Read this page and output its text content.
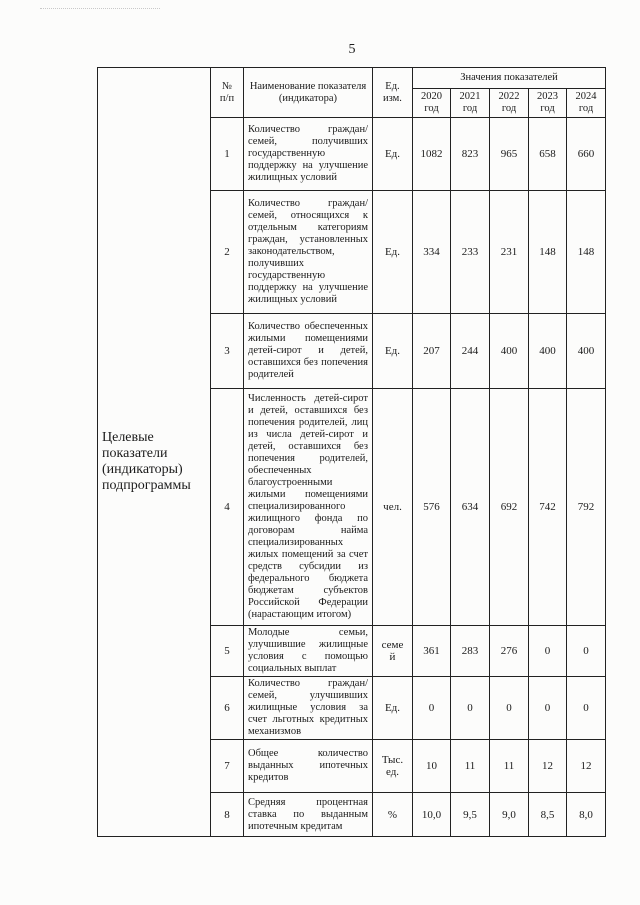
5
Целевые показатели (индикаторы) подпрограммы	№ п/п	Наименование показателя (индикатора)	Ед. изм.	Значения показателей				
				2020 год	2021 год	2022 год	2023 год	2024 год
	1	Количество граждан/семей, получивших государственную поддержку на улучшение жилищных условий	Ед.	1082	823	965	658	660
	2	Количество граждан/семей, относящихся к отдельным категориям граждан, установленных законодательством, получивших государственную поддержку на улучшение жилищных условий	Ед.	334	233	231	148	148
	3	Количество обеспеченных жилыми помещениями детей-сирот и детей, оставшихся без попечения родителей	Ед.	207	244	400	400	400
	4	Численность детей-сирот и детей, оставшихся без попечения родителей, лиц из числа детей-сирот и детей, оставшихся без попечения родителей, обеспеченных благоустроенными жилыми помещениями специализированного жилищного фонда по договорам найма специализированных жилых помещений за счет средств субсидии из федерального бюджета бюджетам субъектов Российской Федерации (нарастающим итогом)	чел.	576	634	692	742	792
	5	Молодые семьи, улучшившие жилищные условия с помощью социальных выплат	семей	361	283	276	0	0
	6	Количество граждан/семей, улучшивших жилищные условия за счет льготных кредитных механизмов	Ед.	0	0	0	0	0
	7	Общее количество выданных ипотечных кредитов	Тыс. ед.	10	11	11	12	12
	8	Средняя процентная ставка по выданным ипотечным кредитам	%	10,0	9,5	9,0	8,5	8,0
